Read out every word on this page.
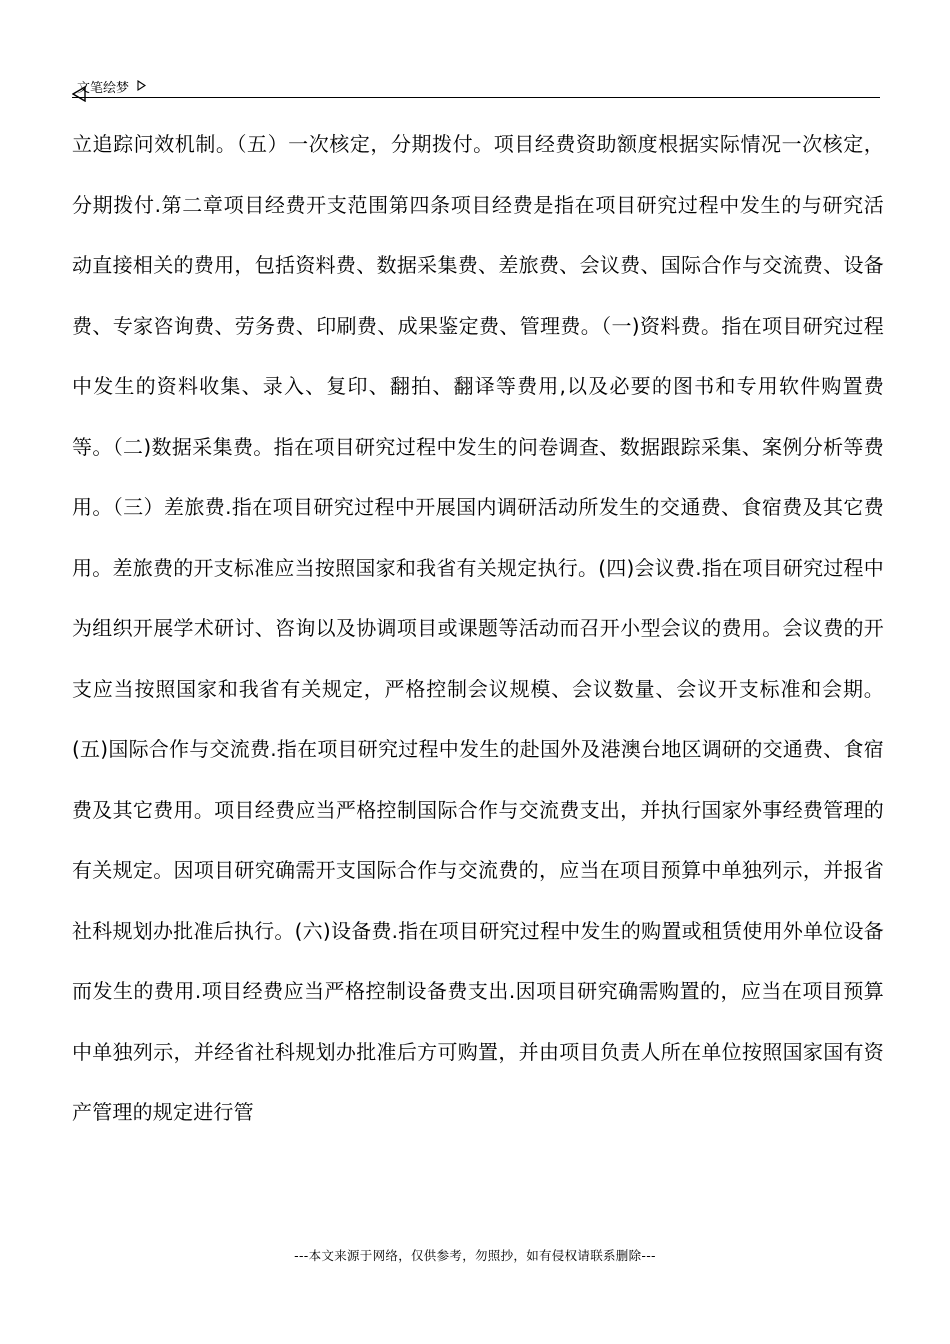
文笔绘梦

立追踪问效机制。（五）一次核定，分期拨付。项目经费资助额度根据实际情况一次核定，分期拨付.第二章项目经费开支范围第四条项目经费是指在项目研究过程中发生的与研究活动直接相关的费用，包括资料费、数据采集费、差旅费、会议费、国际合作与交流费、设备费、专家咨询费、劳务费、印刷费、成果鉴定费、管理费。（一)资料费。指在项目研究过程中发生的资料收集、录入、复印、翻拍、翻译等费用,以及必要的图书和专用软件购置费等。（二)数据采集费。指在项目研究过程中发生的问卷调查、数据跟踪采集、案例分析等费用。（三）差旅费.指在项目研究过程中开展国内调研活动所发生的交通费、食宿费及其它费用。差旅费的开支标准应当按照国家和我省有关规定执行。(四)会议费.指在项目研究过程中为组织开展学术研讨、咨询以及协调项目或课题等活动而召开小型会议的费用。会议费的开支应当按照国家和我省有关规定，严格控制会议规模、会议数量、会议开支标准和会期。(五)国际合作与交流费.指在项目研究过程中发生的赴国外及港澳台地区调研的交通费、食宿费及其它费用。项目经费应当严格控制国际合作与交流费支出，并执行国家外事经费管理的有关规定。因项目研究确需开支国际合作与交流费的，应当在项目预算中单独列示，并报省社科规划办批准后执行。(六)设备费.指在项目研究过程中发生的购置或租赁使用外单位设备而发生的费用.项目经费应当严格控制设备费支出.因项目研究确需购置的，应当在项目预算中单独列示，并经省社科规划办批准后方可购置，并由项目负责人所在单位按照国家国有资产管理的规定进行管

---本文来源于网络，仅供参考，勿照抄，如有侵权请联系删除---
